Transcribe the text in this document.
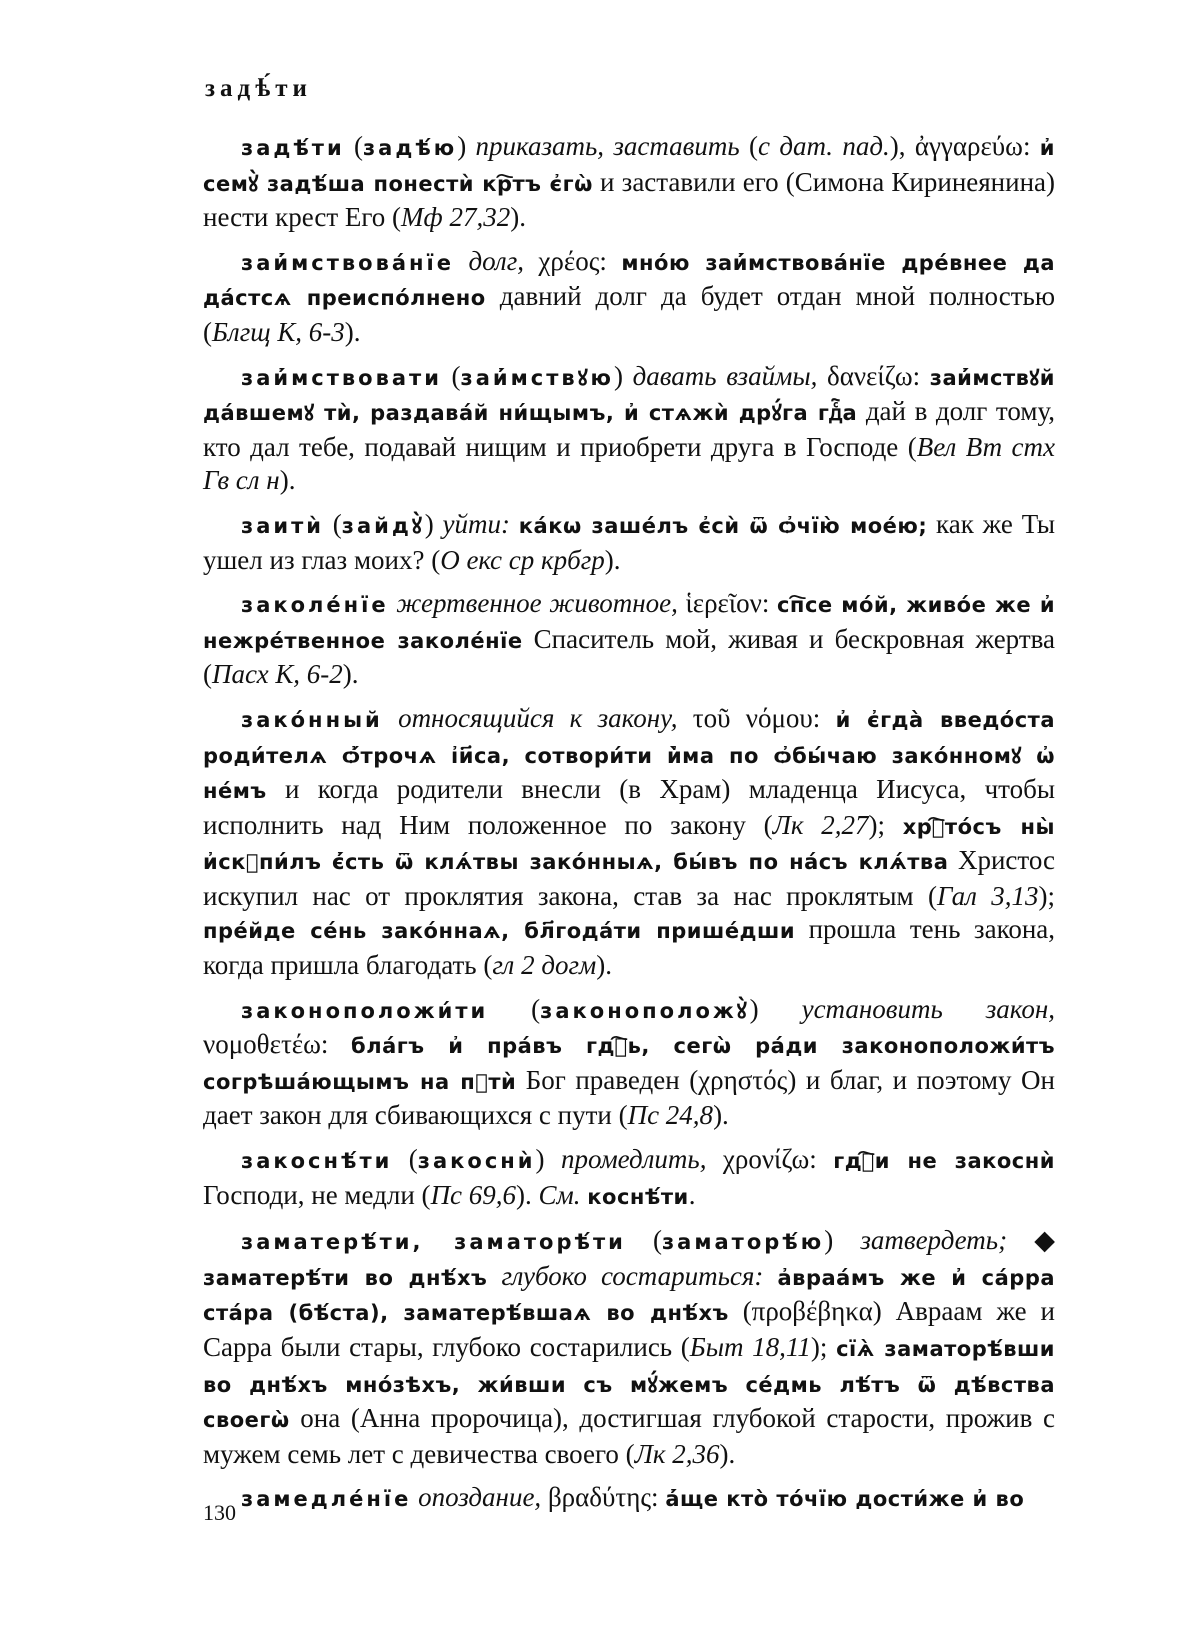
задѣ́ти

задѣ́ти (задѣ́ю) приказать, заставить (с дат. пад.), ἀγγαρεύω: и҆ семꙋ̀ задѣ́ша понестѝ кр҇тъ є҆гѡ̀ и заставили его (Симона Киринеянина) нести крест Его (Мф 27,32).

заи҆́мствова́нїе долг, χρέος: мно́ю заи҆́мствова́нїе дре́внее да да́стсѧ преиспо́лнено давний долг да будет отдан мной полностью (Блгщ К, 6-3).

заи҆́мствовати (заи҆́мствꙋю) давать взаймы, δανείζω: заи҆́мствꙋй да́вшемꙋ тѝ, раздава́й ни́щымъ, и҆ стѧжѝ дрꙋ́га гдⷭ҇а дай в долг тому, кто дал тебе, подавай нищим и приобрети друга в Господе (Вел Вт стх Гв сл н).

заитѝ (зайдꙋ̀) уйти: ка́кѡ заше́лъ є҆сѝ ѿ ѻ҆чїю̀ мое́ю; как же Ты ушел из глаз моих? (О екс ср крбгр).

заколе́нїе жертвенное животное, ἱερεῖον: сп҇се мо́й, живо́е же и҆ нежре́твенное заколе́нїе Спаситель мой, живая и бескровная жертва (Пасх К, 6-2).

зако́нный относящийся к закону, τοῦ νόμου: и҆ є҆гда̀ введо́ста роди́телѧ ѻ҆́трочѧ і҆и҃са, сотвори́ти и҆̀ма по ѻ҆бы́чаю зако́нномꙋ ѡ҆ не́мъ и когда родители внесли (в Храм) младенца Иисуса, чтобы исполнить над Ним положенное по закону (Лк 2,27); хрⷭ҇то́съ ны̀ и҆скꙋпи́лъ є҆́сть ѿ клѧ́твы зако́нныѧ, бы́въ по на́съ клѧ́тва Христос искупил нас от проклятия закона, став за нас проклятым (Гал 3,13); пре́йде се́нь зако́ннаѧ, бл҃года́ти прише́дши прошла тень закона, когда пришла благодать (гл 2 догм).

законоположи́ти (законоположꙋ̀) установить закон, νομοθετέω: бла́гъ и҆ пра́въ гдⷭ҇ь, сегѡ̀ ра́ди законоположи́тъ согрѣша́ющымъ на пꙋтѝ Бог праведен (χρηστός) и благ, и поэтому Он дает закон для сбивающихся с пути (Пс 24,8).

закоснѣ́ти (закоснѝ) промедлить, χρονίζω: гдⷭ҇и не закоснѝ Господи, не медли (Пс 69,6). См. коснѣ́ти.

заматерѣ́ти, заматорѣ́ти (заматорѣ́ю) затвердеть; ◆ заматерѣ́ти во днѣ́хъ глубоко состариться: а҆враа́мъ же и҆ са́рра ста́ра (бѣ́ста), заматерѣ́вшаѧ во днѣ́хъ (προβέβηκα) Авраам же и Сарра были стары, глубоко состарились (Быт 18,11); сїѧ̀ заматорѣ́вши во днѣ́хъ мно́зѣхъ, жи́вши съ мꙋ́жемъ се́дмь лѣ́тъ ѿ дѣ́вства своегѡ̀ она (Анна пророчица), достигшая глубокой старости, прожив с мужем семь лет с девичества своего (Лк 2,36).

замедле́нїе опоздание, βραδύτης: а҆́ще кто̀ то́чїю дости́же и҆ во

130
